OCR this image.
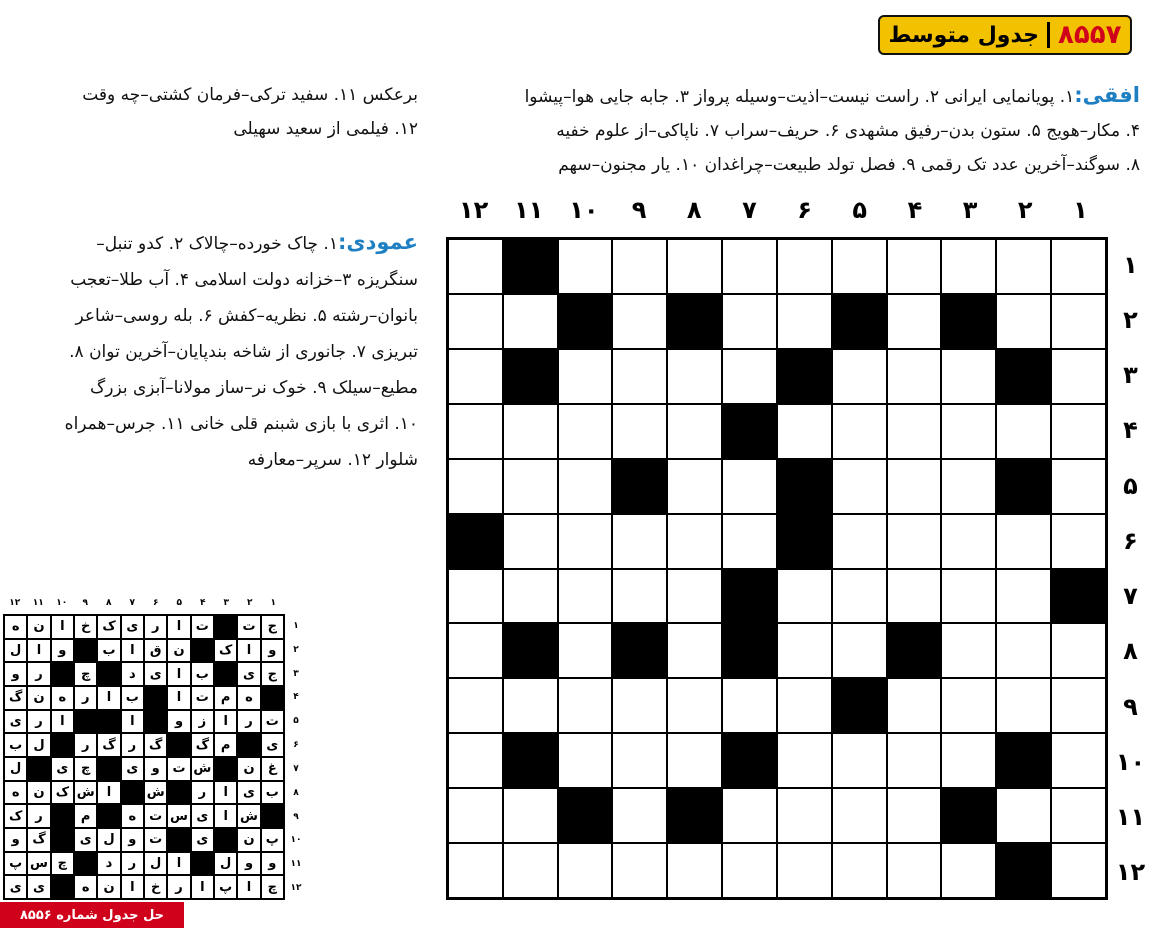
جدول متوسط ۸۵۵۷
افقی:۱. پویانمایی ایرانی ۲. راست نیست–اذیت–وسیله پرواز ۳. جابه جایی هوا–پیشوا
۴. مکار–هویج ۵. ستون بدن–رفیق مشهدی ۶. حریف–سراب ۷. ناپاکی–از علوم خفیه
۸. سوگند–آخرین عدد تک رقمی ۹. فصل تولد طبیعت–چراغدان ۱۰. یار مجنون–سهم
برعکس ۱۱. سفید ترکی–فرمان کشتی–چه وقت
۱۲. فیلمی از سعید سهیلی
عمودی:۱. چاک خورده–چالاک ۲. کدو تنبل–
سنگریزه ۳–خزانه دولت اسلامی ۴. آب طلا–تعجب
بانوان–رشته ۵. نظریه–کفش ۶. بله روسی–شاعر
تبریزی ۷. جانوری از شاخه بندپایان–آخرین توان ۸.
مطیع–سیلک ۹. خوک نر–ساز مولانا–آبزی بزرگ
۱۰. اثری با بازی شبنم قلی خانی ۱۱. جرس–همراه
شلوار ۱۲. سرپر–معارفه
۱
۲
۳
۴
۵
۶
۷
۸
۹
۱۰
۱۱
۱۲
۱
۲
۳
۴
۵
۶
۷
۸
۹
۱۰
۱۱
۱۲
۱
۲
۳
۴
۵
۶
۷
۸
۹
۱۰
۱۱
۱۲
۱
۲
۳
۴
۵
۶
۷
۸
۹
۱۰
۱۱
۱۲
ج
ت
ت
ا
ر
ی
ک
خ
ا
ن
ه
و
ا
ک
ن
ق
ا
ب
و
ا
ل
ج
ی
ب
ا
ی
د
چ
ر
و
ه
م
ت
ا
ب
ا
ر
ه
ن
گ
ت
ر
ا
ز
و
ا
ا
ر
ی
ی
م
گ
گ
ر
گ
ر
ل
ب
غ
ن
ش
ت
و
ی
چ
ی
ل
ب
ی
ا
ر
ش
ا
ش
ک
ن
ه
ش
ا
ی
س
ت
ه
م
ر
ک
پ
ن
ی
ت
و
ل
ی
گ
و
و
و
ل
ا
ل
ر
د
چ
س
پ
چ
ا
پ
ا
ر
خ
ا
ن
ه
ی
ی
حل جدول شماره ۸۵۵۶
